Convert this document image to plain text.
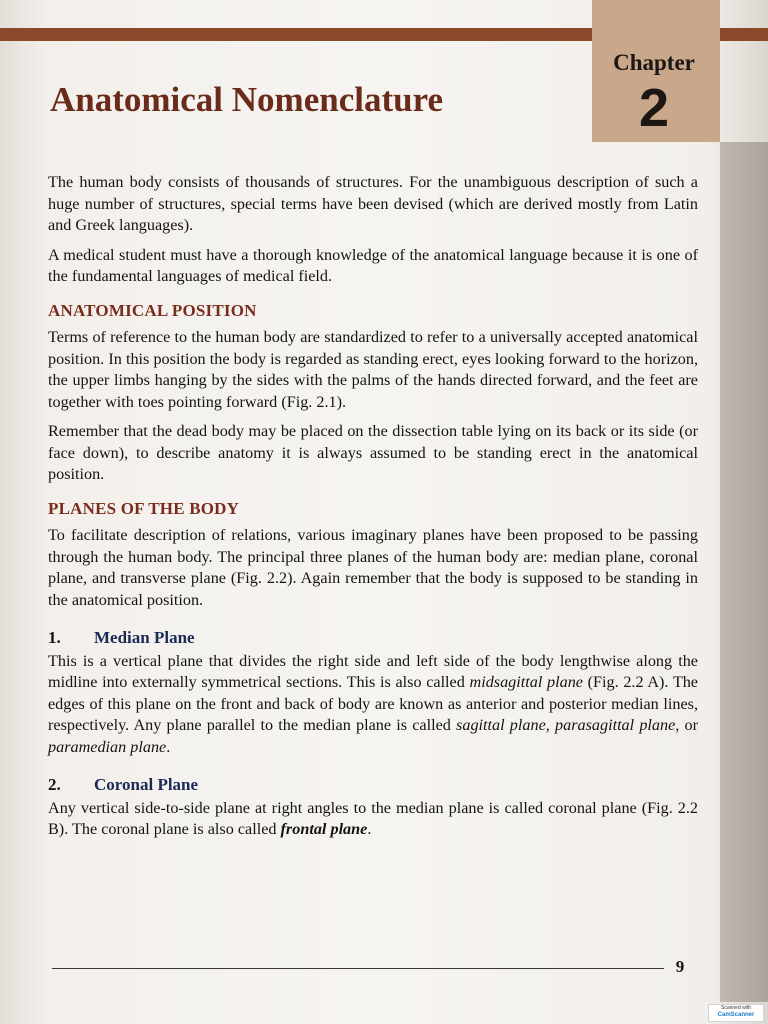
Chapter
2
Anatomical Nomenclature

The human body consists of thousands of structures. For the unambiguous description of such a huge number of structures, special terms have been devised (which are derived mostly from Latin and Greek languages).

A medical student must have a thorough knowledge of the anatomical language because it is one of the fundamental languages of medical field.

ANATOMICAL POSITION

Terms of reference to the human body are standardized to refer to a universally accepted anatomical position. In this position the body is regarded as standing erect, eyes looking forward to the horizon, the upper limbs hanging by the sides with the palms of the hands directed forward, and the feet are together with toes pointing forward (Fig. 2.1).

Remember that the dead body may be placed on the dissection table lying on its back or its side (or face down), to describe anatomy it is always assumed to be standing erect in the anatomical position.

PLANES OF THE BODY

To facilitate description of relations, various imaginary planes have been proposed to be passing through the human body. The principal three planes of the human body are: median plane, coronal plane, and transverse plane (Fig. 2.2). Again remember that the body is supposed to be standing in the anatomical position.

1. Median Plane

This is a vertical plane that divides the right side and left side of the body lengthwise along the midline into externally symmetrical sections. This is also called midsagittal plane (Fig. 2.2 A). The edges of this plane on the front and back of body are known as anterior and posterior median lines, respectively. Any plane parallel to the median plane is called sagittal plane, parasagittal plane, or paramedian plane.

2. Coronal Plane

Any vertical side-to-side plane at right angles to the median plane is called coronal plane (Fig. 2.2 B). The coronal plane is also called frontal plane.

9
Scanned with
CamScanner
